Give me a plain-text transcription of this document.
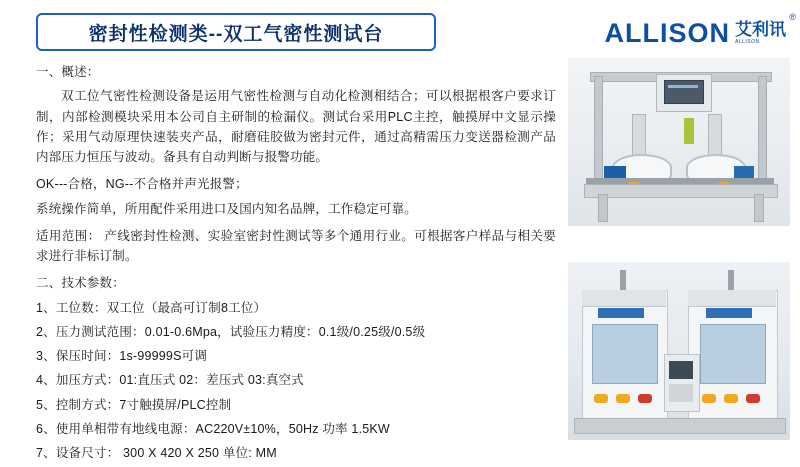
密封性检测类--双工气密性测试台	ALLISON 艾利讯
ALLISON
®

一、概述：

双工位气密性检测设备是运用气密性检测与自动化检测相结合；可以根据根客户要求订制，内部检测模块采用本公司自主研制的检漏仪。测试台采用PLC主控，触摸屏中文显示操作；采用气动原理快速装夹产品，耐磨硅胶做为密封元件，通过高精需压力变送器检测产品内部压力恒压与波动。备具有自动判断与报警功能。

OK---合格，NG--不合格并声光报警；

系统操作简单，所用配件采用进口及国内知名品牌，工作稳定可靠。

适用范围： 产线密封性检测、实验室密封性测试等多个通用行业。可根据客户样品与相关要求进行非标订制。

二、技术参数：

1、工位数：双工位（最高可订制8工位）

2、压力测试范围：0.01-0.6Mpa，试验压力精度：0.1级/0.25级/0.5级

3、保压时间：1s-99999S可调

4、加压方式：01:直压式 02：差压式 03:真空式

5、控制方式：7寸触摸屏/PLC控制

6、使用单相带有地线电源：AC220V±10%，50Hz 功率 1.5KW

7、设备尺寸： 300 X 420 X 250 单位: MM
